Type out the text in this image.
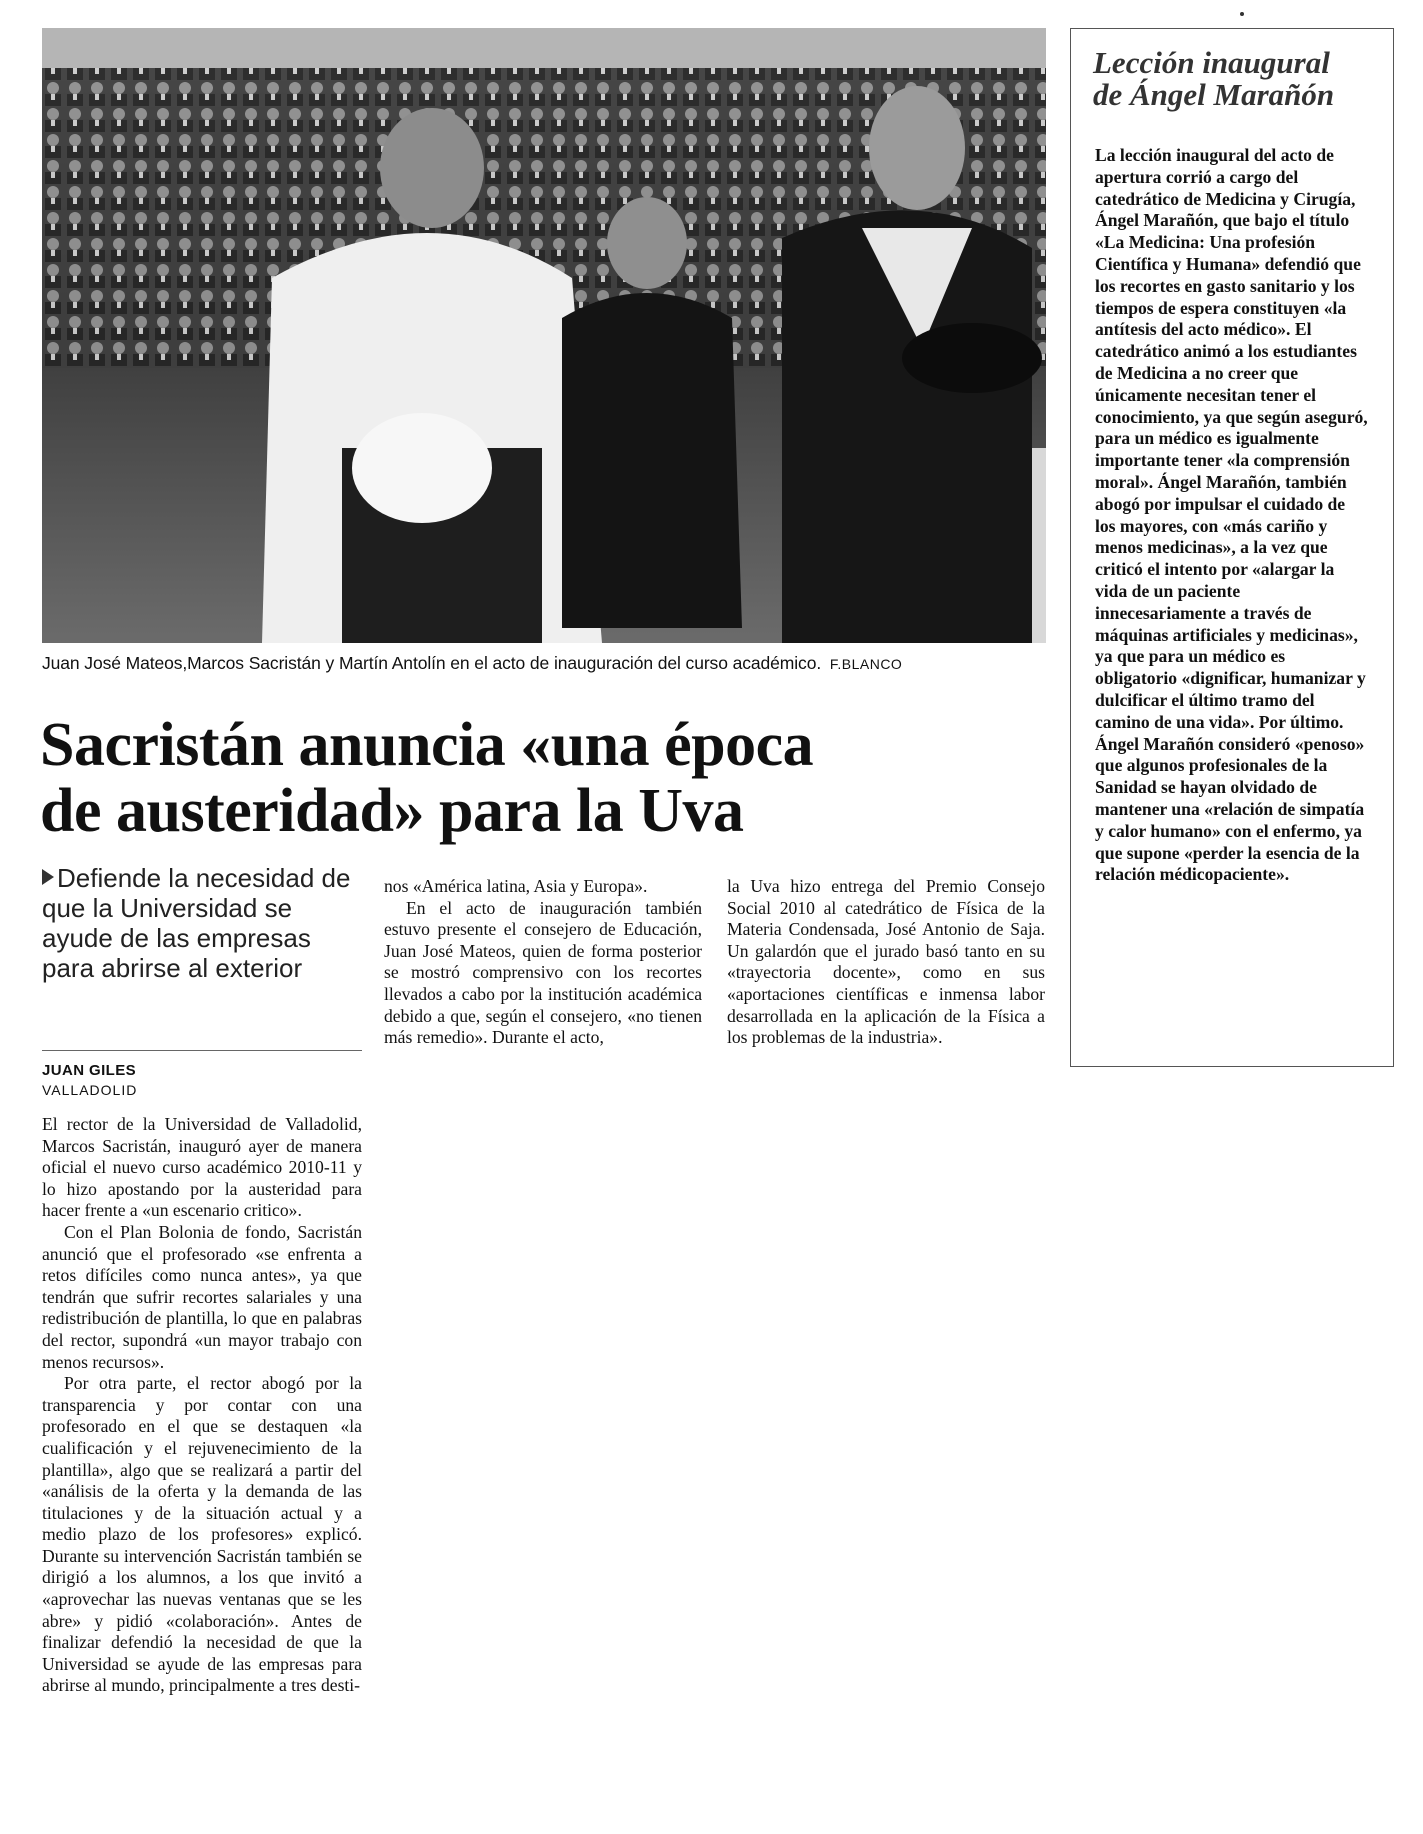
Juan José Mateos,Marcos Sacristán y Martín Antolín en el acto de inauguración del curso académico. F.BLANCO
Sacristán anuncia «una época
de austeridad» para la Uva

Defiende la necesidad de que la Universidad se ayude de las empresas para abrirse al exterior

JUAN GILES
VALLADOLID

El rector de la Universidad de Valladolid, Marcos Sacristán, inauguró ayer de manera oficial el nuevo curso académico 2010-11 y lo hizo apostando por la austeridad para hacer frente a «un escenario critico».

Con el Plan Bolonia de fondo, Sacristán anunció que el profesorado «se enfrenta a retos difíciles como nunca antes», ya que tendrán que sufrir recortes salariales y una redistribución de plantilla, lo que en palabras del rector, supondrá «un mayor trabajo con menos recursos».

Por otra parte, el rector abogó por la transparencia y por contar con una profesorado en el que se destaquen «la cualificación y el rejuvenecimiento de la plantilla», algo que se realizará a partir del «análisis de la oferta y la demanda de las titulaciones y de la situación actual y a medio plazo de los profesores» explicó. Durante su intervención Sacristán también se dirigió a los alumnos, a los que invitó a «aprovechar las nuevas ventanas que se les abre» y pidió «colaboración». Antes de finalizar defendió la necesidad de que la Universidad se ayude de las empresas para abrirse al mundo, principalmente a tres desti-

nos «América latina, Asia y Europa».

En el acto de inauguración también estuvo presente el consejero de Educación, Juan José Mateos, quien de forma posterior se mostró comprensivo con los recortes llevados a cabo por la institución académica debido a que, según el consejero, «no tienen más remedio». Durante el acto,

la Uva hizo entrega del Premio Consejo Social 2010 al catedrático de Física de la Materia Condensada, José Antonio de Saja. Un galardón que el jurado basó tanto en su «trayectoria docente», como en sus «aportaciones científicas e inmensa labor desarrollada en la aplicación de la Física a los problemas de la industria».

Lección inaugural
de Ángel Marañón

La lección inaugural del acto de apertura corrió a cargo del catedrático de Medicina y Cirugía, Ángel Marañón, que bajo el título «La Medicina: Una profesión Científica y Humana» defendió que los recortes en gasto sanitario y los tiempos de espera constituyen «la antítesis del acto médico». El catedrático animó a los estudiantes de Medicina a no creer que únicamente necesitan tener el conocimiento, ya que según aseguró, para un médico es igualmente importante tener «la comprensión moral». Ángel Marañón, también abogó por impulsar el cuidado de los mayores, con «más cariño y menos medicinas», a la vez que criticó el intento por «alargar la vida de un paciente innecesariamente a través de máquinas artificiales y medicinas», ya que para un médico es obligatorio «dignificar, humanizar y dulcificar el último tramo del camino de una vida». Por último. Ángel Marañón consideró «penoso» que algunos profesionales de la Sanidad se hayan olvidado de mantener una «relación de simpatía y calor humano» con el enfermo, ya que supone «perder la esencia de la relación médicopaciente».
